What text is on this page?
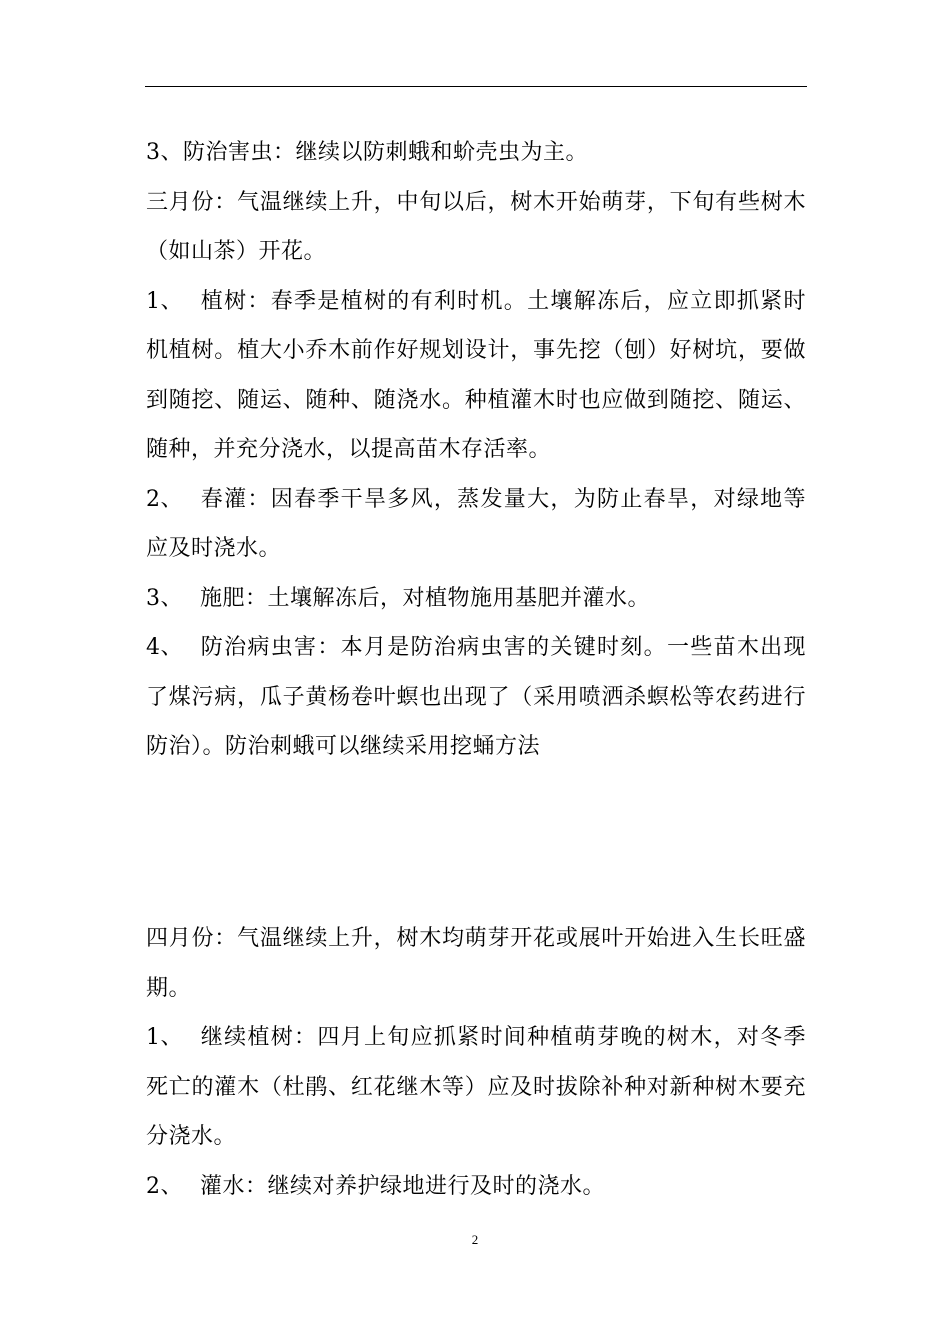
3、防治害虫：继续以防刺蛾和蚧壳虫为主。

三月份：气温继续上升，中旬以后，树木开始萌芽，下旬有些树木（如山茶）开花。

1、 植树：春季是植树的有利时机。土壤解冻后，应立即抓紧时机植树。植大小乔木前作好规划设计，事先挖（刨）好树坑，要做到随挖、随运、随种、随浇水。种植灌木时也应做到随挖、随运、随种，并充分浇水，以提高苗木存活率。

2、 春灌：因春季干旱多风，蒸发量大，为防止春旱，对绿地等应及时浇水。

3、 施肥：土壤解冻后，对植物施用基肥并灌水。

4、 防治病虫害：本月是防治病虫害的关键时刻。一些苗木出现了煤污病，瓜子黄杨卷叶螟也出现了（采用喷洒杀螟松等农药进行防治）。防治刺蛾可以继续采用挖蛹方法

四月份：气温继续上升，树木均萌芽开花或展叶开始进入生长旺盛期。

1、 继续植树：四月上旬应抓紧时间种植萌芽晚的树木，对冬季死亡的灌木（杜鹃、红花继木等）应及时拔除补种对新种树木要充分浇水。

2、 灌水：继续对养护绿地进行及时的浇水。

2
